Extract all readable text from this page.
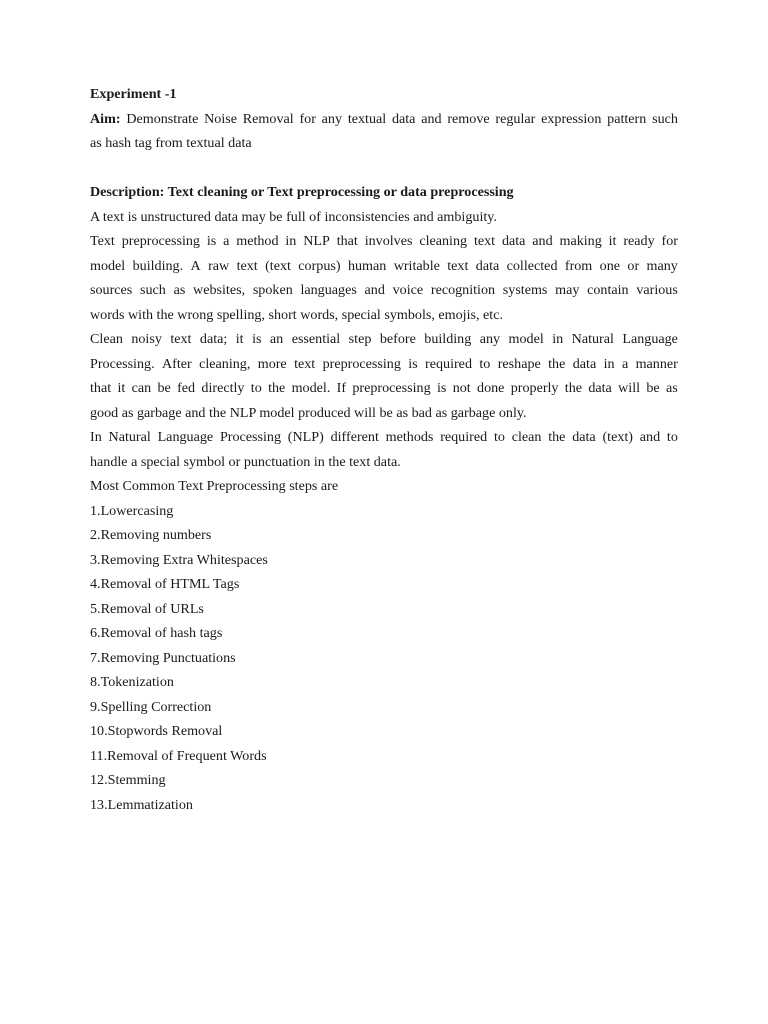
Experiment -1
Aim: Demonstrate Noise Removal for any textual data and remove regular expression pattern such
as hash tag from textual data
Description: Text cleaning or Text preprocessing or data preprocessing
A text is unstructured data may be full of inconsistencies and ambiguity.
Text preprocessing is a method in NLP that involves cleaning text data and making it ready for
model building. A raw text (text corpus) human writable text data collected from one or many
sources such as websites, spoken languages and voice recognition systems may contain various
words with the wrong spelling, short words, special symbols, emojis, etc.
Clean noisy text data; it is an essential step before building any model in Natural Language
Processing. After cleaning, more text preprocessing is required to reshape the data in a manner
that it can be fed directly to the model. If preprocessing is not done properly the data will be as
good as garbage and the NLP model produced will be as bad as garbage only.
In Natural Language Processing (NLP) different methods required to clean the data (text) and to
handle a special symbol or punctuation in the text data.
Most Common Text Preprocessing steps are
1.Lowercasing
2.Removing numbers
3.Removing Extra Whitespaces
4.Removal of HTML Tags
5.Removal of URLs
6.Removal of hash tags
7.Removing Punctuations
8.Tokenization
9.Spelling Correction
10.Stopwords Removal
11.Removal of Frequent Words
12.Stemming
13.Lemmatization
